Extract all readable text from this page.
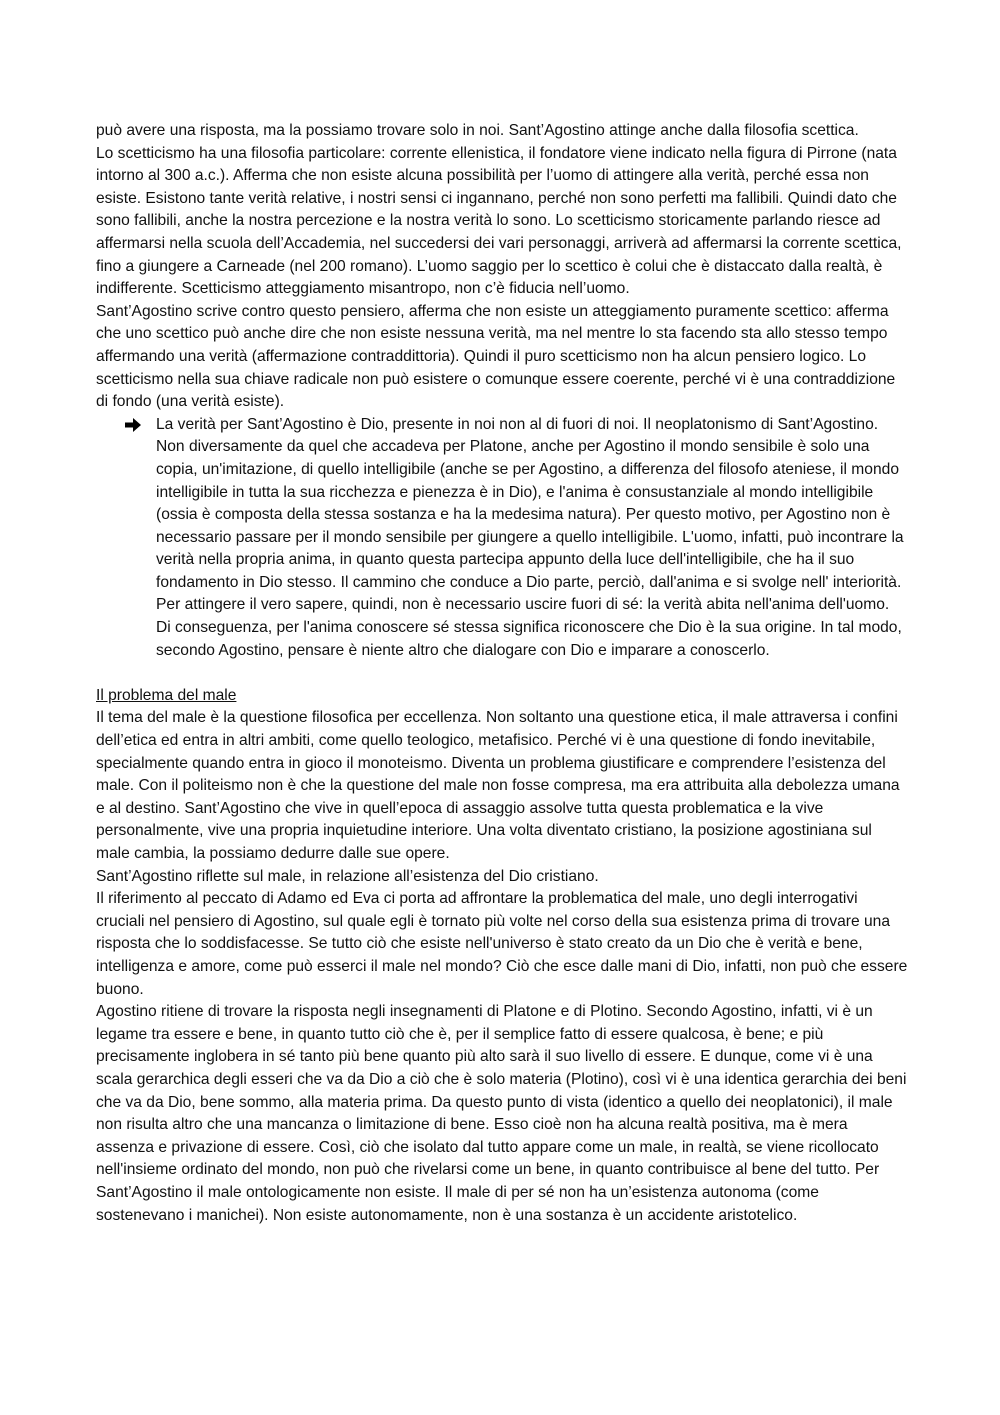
può avere una risposta, ma la possiamo trovare solo in noi. Sant’Agostino attinge anche dalla filosofia scettica.

Lo scetticismo ha una filosofia particolare: corrente ellenistica, il fondatore viene indicato nella figura di Pirrone (nata intorno al 300 a.c.). Afferma che non esiste alcuna possibilità per l’uomo di attingere alla verità, perché essa non esiste. Esistono tante verità relative, i nostri sensi ci ingannano, perché non sono perfetti ma fallibili. Quindi dato che sono fallibili, anche la nostra percezione e la nostra verità lo sono. Lo scetticismo storicamente parlando riesce ad affermarsi nella scuola dell’Accademia, nel succedersi dei vari personaggi, arriverà ad affermarsi la corrente scettica, fino a giungere a Carneade (nel 200 romano). L’uomo saggio per lo scettico è colui che è distaccato dalla realtà, è indifferente. Scetticismo atteggiamento misantropo, non c’è fiducia nell’uomo.

Sant’Agostino scrive contro questo pensiero, afferma che non esiste un atteggiamento puramente scettico: afferma che uno scettico può anche dire che non esiste nessuna verità, ma nel mentre lo sta facendo sta allo stesso tempo affermando una verità (affermazione contraddittoria). Quindi il puro scetticismo non ha alcun pensiero logico. Lo scetticismo nella sua chiave radicale non può esistere o comunque essere coerente, perché vi è una contraddizione di fondo (una verità esiste).

La verità per Sant’Agostino è Dio, presente in noi non al di fuori di noi. Il neoplatonismo di Sant’Agostino. Non diversamente da quel che accadeva per Platone, anche per Agostino il mondo sensibile è solo una copia, un'imitazione, di quello intelligibile (anche se per Agostino, a differenza del filosofo ateniese, il mondo intelligibile in tutta la sua ricchezza e pienezza è in Dio), e l'anima è consustanziale al mondo intelligibile (ossia è composta della stessa sostanza e ha la medesima natura). Per questo motivo, per Agostino non è necessario passare per il mondo sensibile per giungere a quello intelligibile. L'uomo, infatti, può incontrare la verità nella propria anima, in quanto questa partecipa appunto della luce dell'intelligibile, che ha il suo fondamento in Dio stesso. Il cammino che conduce a Dio parte, perciò, dall'anima e si svolge nell' interiorità. Per attingere il vero sapere, quindi, non è necessario uscire fuori di sé: la verità abita nell'anima dell'uomo. Di conseguenza, per l'anima conoscere sé stessa significa riconoscere che Dio è la sua origine. In tal modo, secondo Agostino, pensare è niente altro che dialogare con Dio e imparare a conoscerlo.

Il problema del male

Il tema del male è la questione filosofica per eccellenza. Non soltanto una questione etica, il male attraversa i confini dell’etica ed entra in altri ambiti, come quello teologico, metafisico. Perché vi è una questione di fondo inevitabile, specialmente quando entra in gioco il monoteismo. Diventa un problema giustificare e comprendere l’esistenza del male. Con il politeismo non è che la questione del male non fosse compresa, ma era attribuita alla debolezza umana e al destino. Sant’Agostino che vive in quell’epoca di assaggio assolve tutta questa problematica e la vive personalmente, vive una propria inquietudine interiore. Una volta diventato cristiano, la posizione agostiniana sul male cambia, la possiamo dedurre dalle sue opere.

Sant’Agostino riflette sul male, in relazione all’esistenza del Dio cristiano.

Il riferimento al peccato di Adamo ed Eva ci porta ad affrontare la problematica del male, uno degli interrogativi cruciali nel pensiero di Agostino, sul quale egli è tornato più volte nel corso della sua esistenza prima di trovare una risposta che lo soddisfacesse. Se tutto ciò che esiste nell'universo è stato creato da un Dio che è verità e bene, intelligenza e amore, come può esserci il male nel mondo? Ciò che esce dalle mani di Dio, infatti, non può che essere buono.

Agostino ritiene di trovare la risposta negli insegnamenti di Platone e di Plotino. Secondo Agostino, infatti, vi è un legame tra essere e bene, in quanto tutto ciò che è, per il semplice fatto di essere qualcosa, è bene; e più precisamente inglobera in sé tanto più bene quanto più alto sarà il suo livello di essere. E dunque, come vi è una scala gerarchica degli esseri che va da Dio a ciò che è solo materia (Plotino), così vi è una identica gerarchia dei beni che va da Dio, bene sommo, alla materia prima. Da questo punto di vista (identico a quello dei neoplatonici), il male non risulta altro che una mancanza o limitazione di bene. Esso cioè non ha alcuna realtà positiva, ma è mera assenza e privazione di essere. Così, ciò che isolato dal tutto appare come un male, in realtà, se viene ricollocato nell'insieme ordinato del mondo, non può che rivelarsi come un bene, in quanto contribuisce al bene del tutto. Per Sant’Agostino il male ontologicamente non esiste. Il male di per sé non ha un’esistenza autonoma (come sostenevano i manichei). Non esiste autonomamente, non è una sostanza è un accidente aristotelico.
